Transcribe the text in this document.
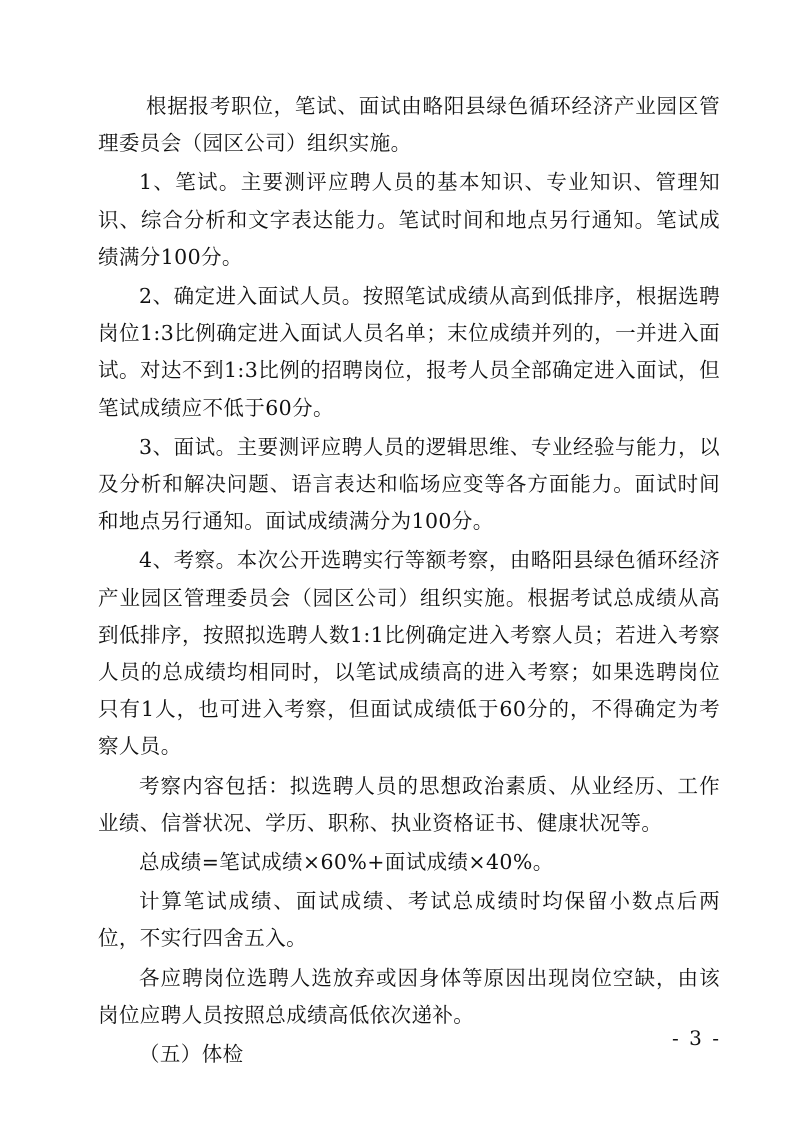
根据报考职位，笔试、面试由略阳县绿色循环经济产业园区管理委员会（园区公司）组织实施。

1、笔试。主要测评应聘人员的基本知识、专业知识、管理知识、综合分析和文字表达能力。笔试时间和地点另行通知。笔试成绩满分100分。

2、确定进入面试人员。按照笔试成绩从高到低排序，根据选聘岗位1:3比例确定进入面试人员名单；末位成绩并列的，一并进入面试。对达不到1:3比例的招聘岗位，报考人员全部确定进入面试，但笔试成绩应不低于60分。

3、面试。主要测评应聘人员的逻辑思维、专业经验与能力，以及分析和解决问题、语言表达和临场应变等各方面能力。面试时间和地点另行通知。面试成绩满分为100分。

4、考察。本次公开选聘实行等额考察，由略阳县绿色循环经济产业园区管理委员会（园区公司）组织实施。根据考试总成绩从高到低排序，按照拟选聘人数1:1比例确定进入考察人员；若进入考察人员的总成绩均相同时，以笔试成绩高的进入考察；如果选聘岗位只有1人，也可进入考察，但面试成绩低于60分的，不得确定为考察人员。

考察内容包括：拟选聘人员的思想政治素质、从业经历、工作业绩、信誉状况、学历、职称、执业资格证书、健康状况等。

总成绩=笔试成绩×60%+面试成绩×40%。

计算笔试成绩、面试成绩、考试总成绩时均保留小数点后两位，不实行四舍五入。

各应聘岗位选聘人选放弃或因身体等原因出现岗位空缺，由该岗位应聘人员按照总成绩高低依次递补。

（五）体检

- 3 -
